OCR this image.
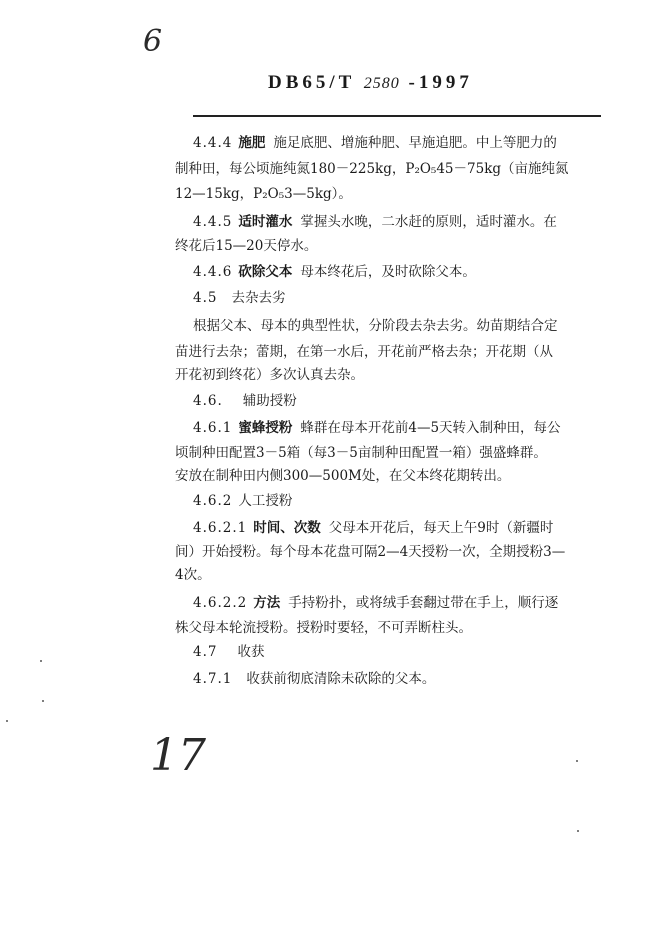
6
DB65/T 2580 -1997
4.4.4 施肥 施足底肥、增施种肥、早施追肥。中上等肥力的
制种田，每公顷施纯氮180－225kg，P₂O₅45－75kg（亩施纯氮
12—15kg，P₂O₅3—5kg）。
4.4.5 适时灌水 掌握头水晚，二水赶的原则，适时灌水。在
终花后15—20天停水。
4.4.6 砍除父本 母本终花后，及时砍除父本。
4.5 去杂去劣
根据父本、母本的典型性状，分阶段去杂去劣。幼苗期结合定
苗进行去杂；蕾期，在第一水后，开花前严格去杂；开花期（从
开花初到终花）多次认真去杂。
4.6. 辅助授粉
4.6.1 蜜蜂授粉 蜂群在母本开花前4—5天转入制种田，每公
顷制种田配置3－5箱（每3－5亩制种田配置一箱）强盛蜂群。
安放在制种田内侧300—500M处，在父本终花期转出。
4.6.2 人工授粉
4.6.2.1 时间、次数 父母本开花后，每天上午9时（新疆时
间）开始授粉。每个母本花盘可隔2—4天授粉一次，全期授粉3—
4次。
4.6.2.2 方法 手持粉扑，或将绒手套翻过带在手上，顺行逐
株父母本轮流授粉。授粉时要轻，不可弄断柱头。
4.7 收获
4.7.1 收获前彻底清除未砍除的父本。
17
